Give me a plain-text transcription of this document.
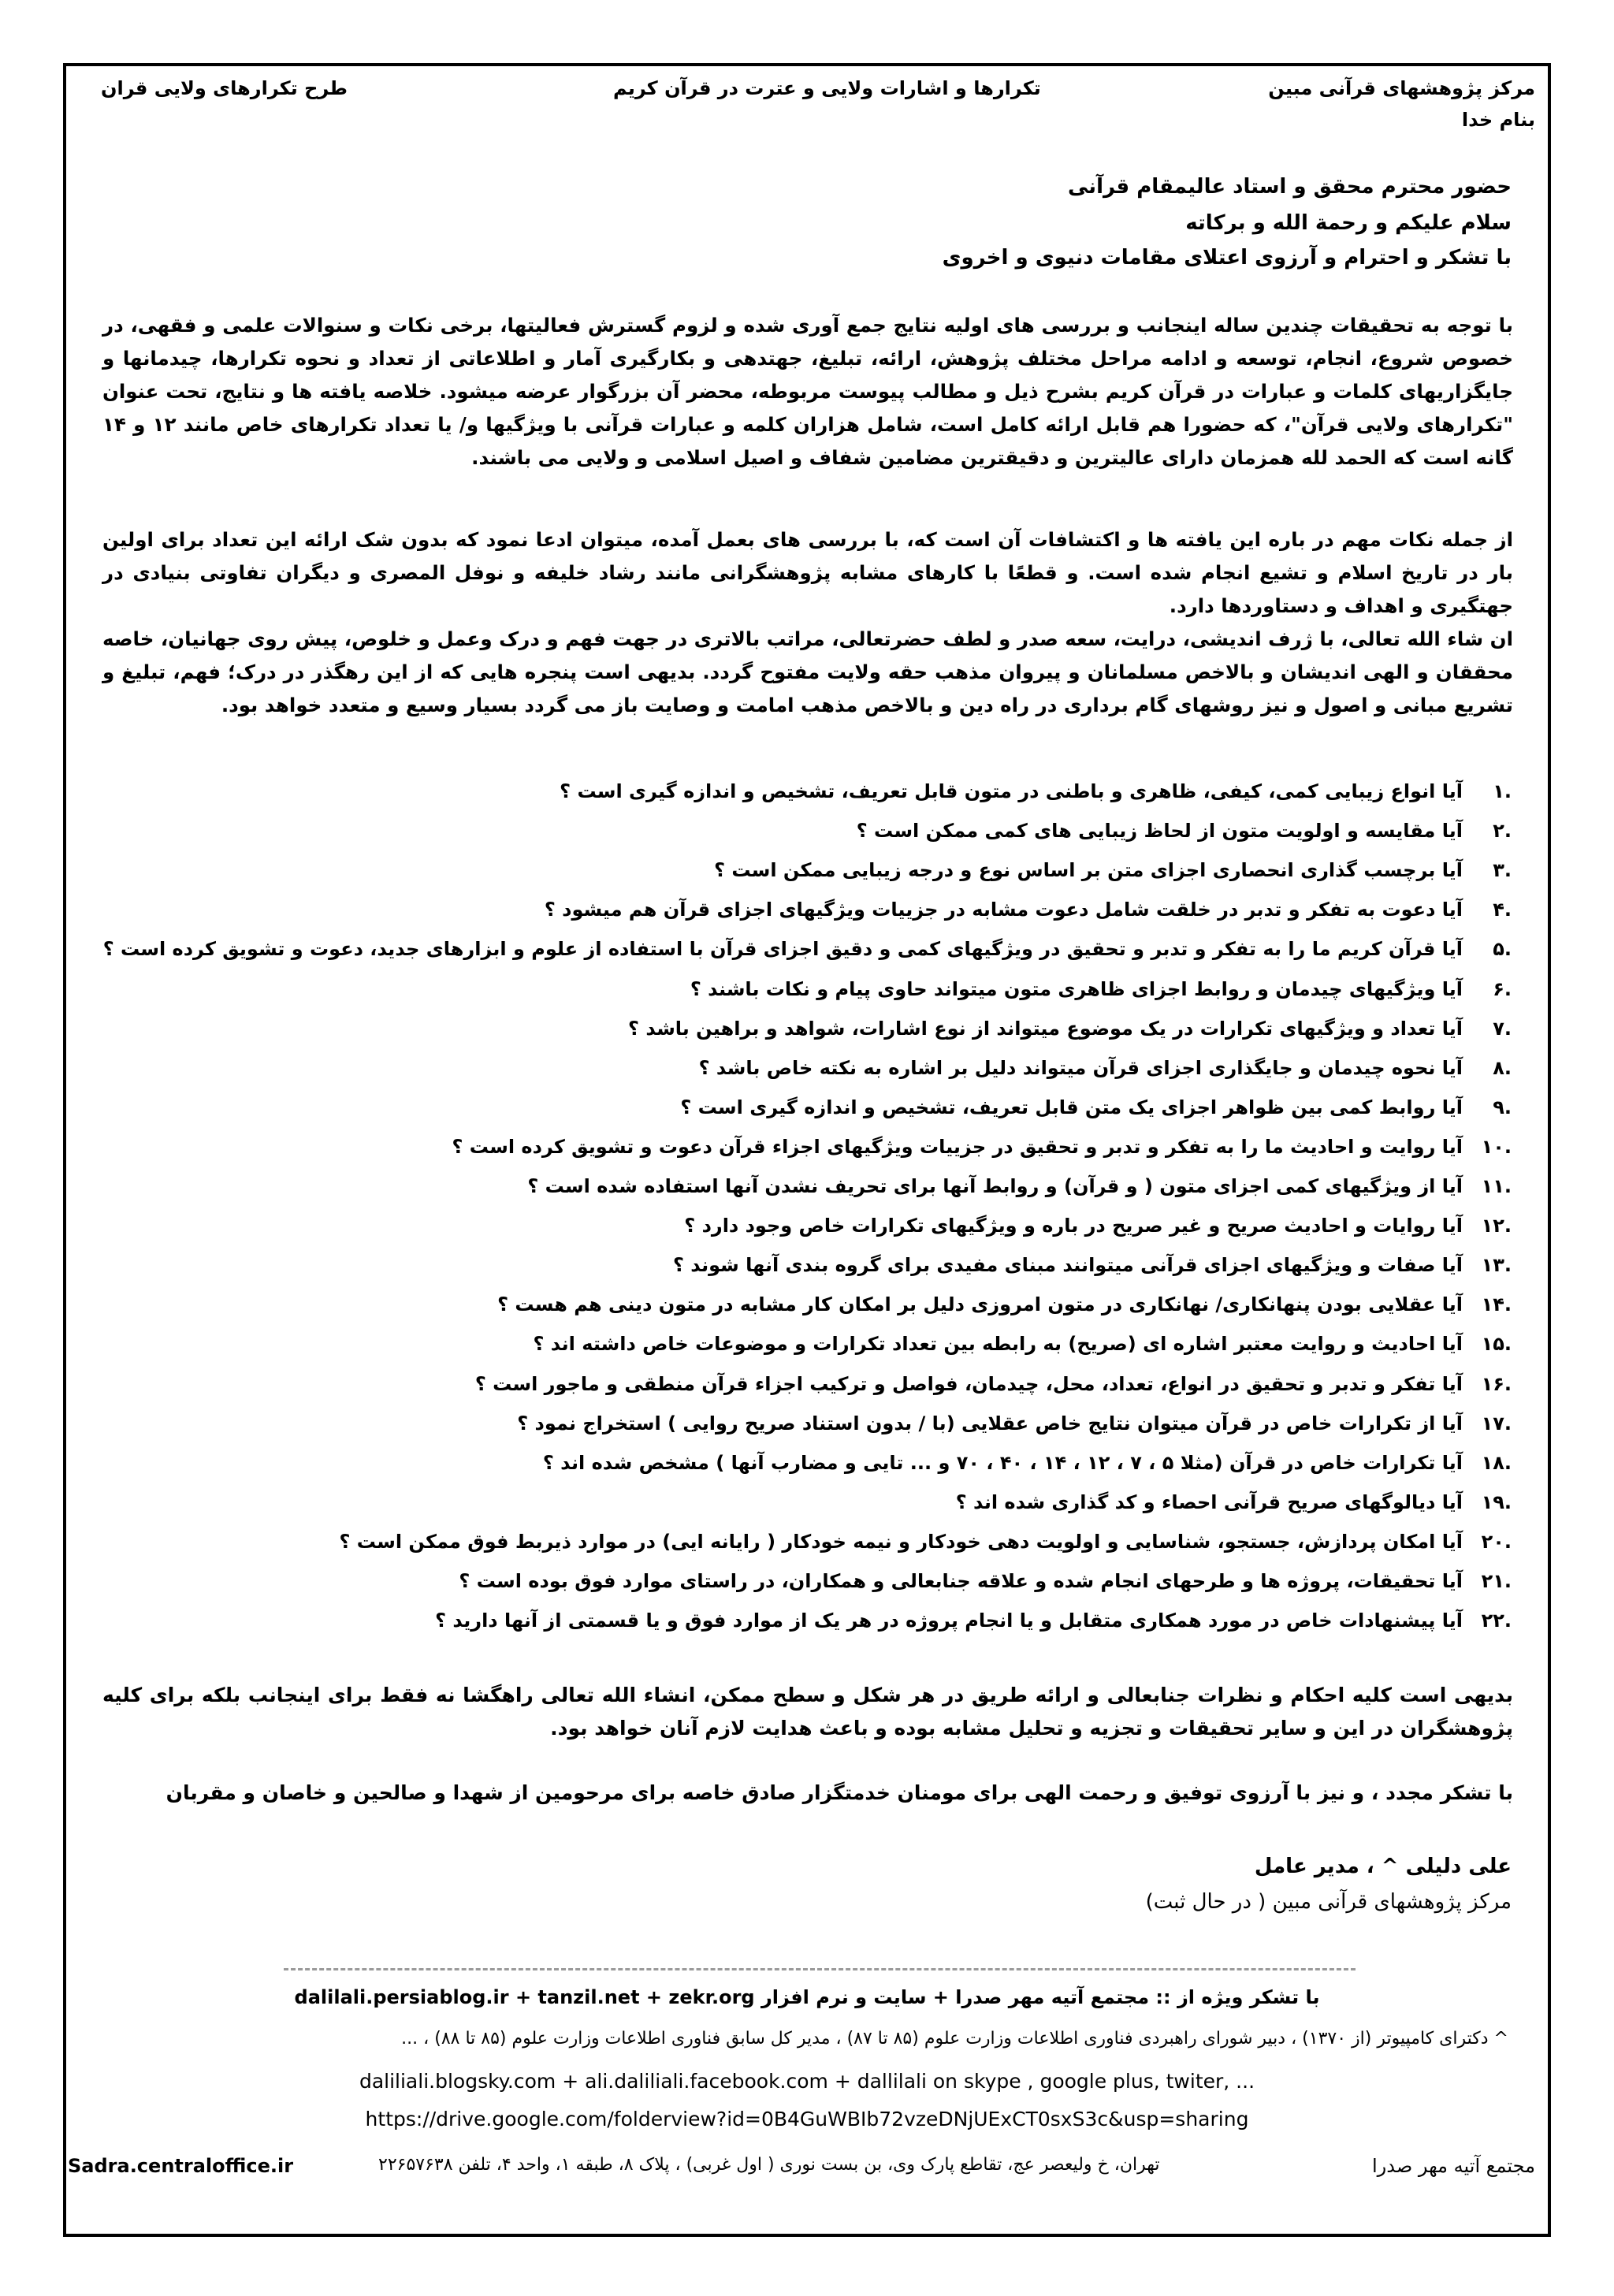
مرکز پژوهشهای قرآنی مبین
تکرارها و اشارات ولایی و عترت در قرآن کریم
طرح تکرارهای ولایی قران
بنام خدا
حضور محترم محقق و استاد عالیمقام قرآنی
سلام علیکم و رحمة الله و برکاته
با تشکر و احترام و آرزوی اعتلای مقامات دنیوی و اخروی
با توجه به تحقیقات چندین ساله اینجانب و بررسی های اولیه نتایج جمع آوری شده و لزوم گسترش فعالیتها، برخی نکات و سنوالات علمی و فقهی، در خصوص شروع، انجام، توسعه و ادامه مراحل مختلف پژوهش، ارائه، تبلیغ، جهتدهی و بکارگیری آمار و اطلاعاتی از تعداد و نحوه تکرارها، چیدمانها و جایگزاریهای کلمات و عبارات در قرآن کریم بشرح ذیل و مطالب پیوست مربوطه، محضر آن بزرگوار عرضه میشود. خلاصه یافته ها و نتایج، تحت عنوان "تکرارهای ولایی قرآن"، که حضورا هم قابل ارائه کامل است، شامل هزاران کلمه و عبارات قرآنی با ویژگیها و/ یا تعداد تکرارهای خاص مانند ۱۲ و ۱۴ گانه است که الحمد لله همزمان دارای عالیترین و دقیقترین مضامین شفاف و اصیل اسلامی و ولایی می باشند.
از جمله نکات مهم در باره این یافته ها و اکتشافات آن است که، با بررسی های بعمل آمده، میتوان ادعا نمود که بدون شک ارائه این تعداد برای اولین بار در تاریخ اسلام و تشیع انجام شده است. و قطعًا با کارهای مشابه پژوهشگرانی مانند رشاد خلیفه و نوفل المصری و دیگران تفاوتی بنیادی در جهتگیری و اهداف و دستاوردها دارد.
ان شاء الله تعالی، با ژرف اندیشی، درایت، سعه صدر و لطف حضرتعالی، مراتب بالاتری در جهت فهم و درک وعمل و خلوص، پیش روی جهانیان، خاصه محققان و الهی اندیشان و بالاخص مسلمانان و پیروان مذهب حقه ولایت مفتوح گردد. بدیهی است پنجره هایی که از این رهگذر در درک؛ فهم، تبلیغ و تشریع مبانی و اصول و نیز روشهای گام برداری در راه دین و بالاخص مذهب امامت و وصایت باز می گردد بسیار وسیع و متعدد خواهد بود.
.۱آیا انواع زیبایی کمی، کیفی، ظاهری و باطنی در متون قابل تعریف، تشخیص و اندازه گیری است ؟
.۲آیا مقایسه و اولویت متون از لحاظ زیبایی های کمی ممکن است ؟
.۳آیا برچسب گذاری انحصاری اجزای متن بر اساس نوع و درجه زیبایی ممکن است ؟
.۴آیا دعوت به تفکر و تدبر در خلقت شامل دعوت مشابه در جزییات ویژگیهای اجزای قرآن هم میشود ؟
.۵آیا قرآن کریم ما را به تفکر و تدبر و تحقیق در ویژگیهای کمی و دقیق اجزای قرآن با استفاده از علوم و ابزارهای جدید، دعوت و تشویق کرده است ؟
.۶آیا ویژگیهای چیدمان و روابط اجزای ظاهری متون میتواند حاوی پیام و نکات باشند ؟
.۷آیا تعداد و ویژگیهای تکرارات در یک موضوع میتواند از نوع اشارات، شواهد و براهین باشد ؟
.۸آیا نحوه چیدمان و جایگذاری اجزای قرآن میتواند دلیل بر اشاره به نکته خاص باشد ؟
.۹آیا روابط کمی بین ظواهر اجزای یک متن قابل تعریف، تشخیص و اندازه گیری است ؟
.۱۰آیا روایت و احادیث ما را به تفکر و تدبر و تحقیق در جزییات ویژگیهای اجزاء قرآن دعوت و تشویق کرده است ؟
.۱۱آیا از ویژگیهای کمی اجزای متون ( و قرآن) و روابط آنها برای تحریف نشدن آنها استفاده شده است ؟
.۱۲آیا روایات و احادیث صریح و غیر صریح در باره و ویژگیهای تکرارات خاص وجود دارد ؟
.۱۳آیا صفات و ویژگیهای اجزای قرآنی میتوانند مبنای مفیدی برای گروه بندی آنها شوند ؟
.۱۴آیا عقلایی بودن پنهانکاری/ نهانکاری در متون امروزی دلیل بر امکان کار مشابه در متون دینی هم هست ؟
.۱۵آیا احادیث و روایت معتبر اشاره ای (صریح) به رابطه بین تعداد تکرارات و موضوعات خاص داشته اند ؟
.۱۶آیا تفکر و تدبر و تحقیق در انواع، تعداد، محل، چیدمان، فواصل و ترکیب اجزاء قرآن منطقی و ماجور است ؟
.۱۷آیا از تکرارات خاص در قرآن میتوان نتایج خاص عقلایی (با / بدون استناد صریح روایی ) استخراج نمود ؟
.۱۸آیا تکرارات خاص در قرآن (مثلا ۵ ، ۷ ، ۱۲ ، ۱۴ ، ۴۰ ، ۷۰ و ... تایی و مضارب آنها ) مشخص شده اند ؟
.۱۹آیا دیالوگهای صریح قرآنی احصاء و کد گذاری شده اند ؟
.۲۰آیا امکان پردازش، جستجو، شناسایی و اولویت دهی خودکار و نیمه خودکار ( رایانه ایی) در موارد ذیربط فوق ممکن است ؟
.۲۱آیا تحقیقات، پروژه ها و طرحهای انجام شده و علاقه جنابعالی و همکاران، در راستای موارد فوق بوده است ؟
.۲۲آیا پیشنهادات خاص در مورد همکاری متقابل و یا انجام پروژه در هر یک از موارد فوق و یا قسمتی از آنها دارید ؟
بدیهی است کلیه احکام و نظرات جنابعالی و ارائه طریق در هر شکل و سطح ممکن، انشاء الله تعالی راهگشا نه فقط برای اینجانب بلکه برای کلیه پژوهشگران در این و سایر تحقیقات و تجزیه و تحلیل مشابه بوده و باعث هدایت لازم آنان خواهد بود.
با تشکر مجدد ، و نیز با آرزوی توفیق و رحمت الهی برای مومنان خدمتگزار صادق خاصه برای مرحومین از شهدا و صالحین و خاصان و مقربان
علی دلیلی ^ ، مدیر عامل
مرکز پژوهشهای قرآنی مبین ( در حال ثبت)
dalilali.persiablog.ir + tanzil.net + zekr.org با تشکر ویژه از :: مجتمع آتیه مهر صدرا + سایت و نرم افزار
^ دکترای کامپیوتر (از ۱۳۷۰) ، دبیر شورای راهبردی فناوری اطلاعات وزارت علوم (۸۵ تا ۸۷) ، مدیر کل سابق فناوری اطلاعات وزارت علوم (۸۵ تا ۸۸) ، ...
daliliali.blogsky.com + ali.daliliali.facebook.com + dallilali on skype , google plus, twiter, ...
https://drive.google.com/folderview?id=0B4GuWBIb72vzeDNjUExCT0sxS3c&usp=sharing
Sadra.centraloffice.ir	تهران، خ ولیعصر عج، تقاطع پارک وی، بن بست نوری ( اول غربی) ، پلاک ۸، طبقه ۱، واحد ۴، تلفن ۲۲۶۵۷۶۳۸	مجتمع آتیه مهر صدرا
